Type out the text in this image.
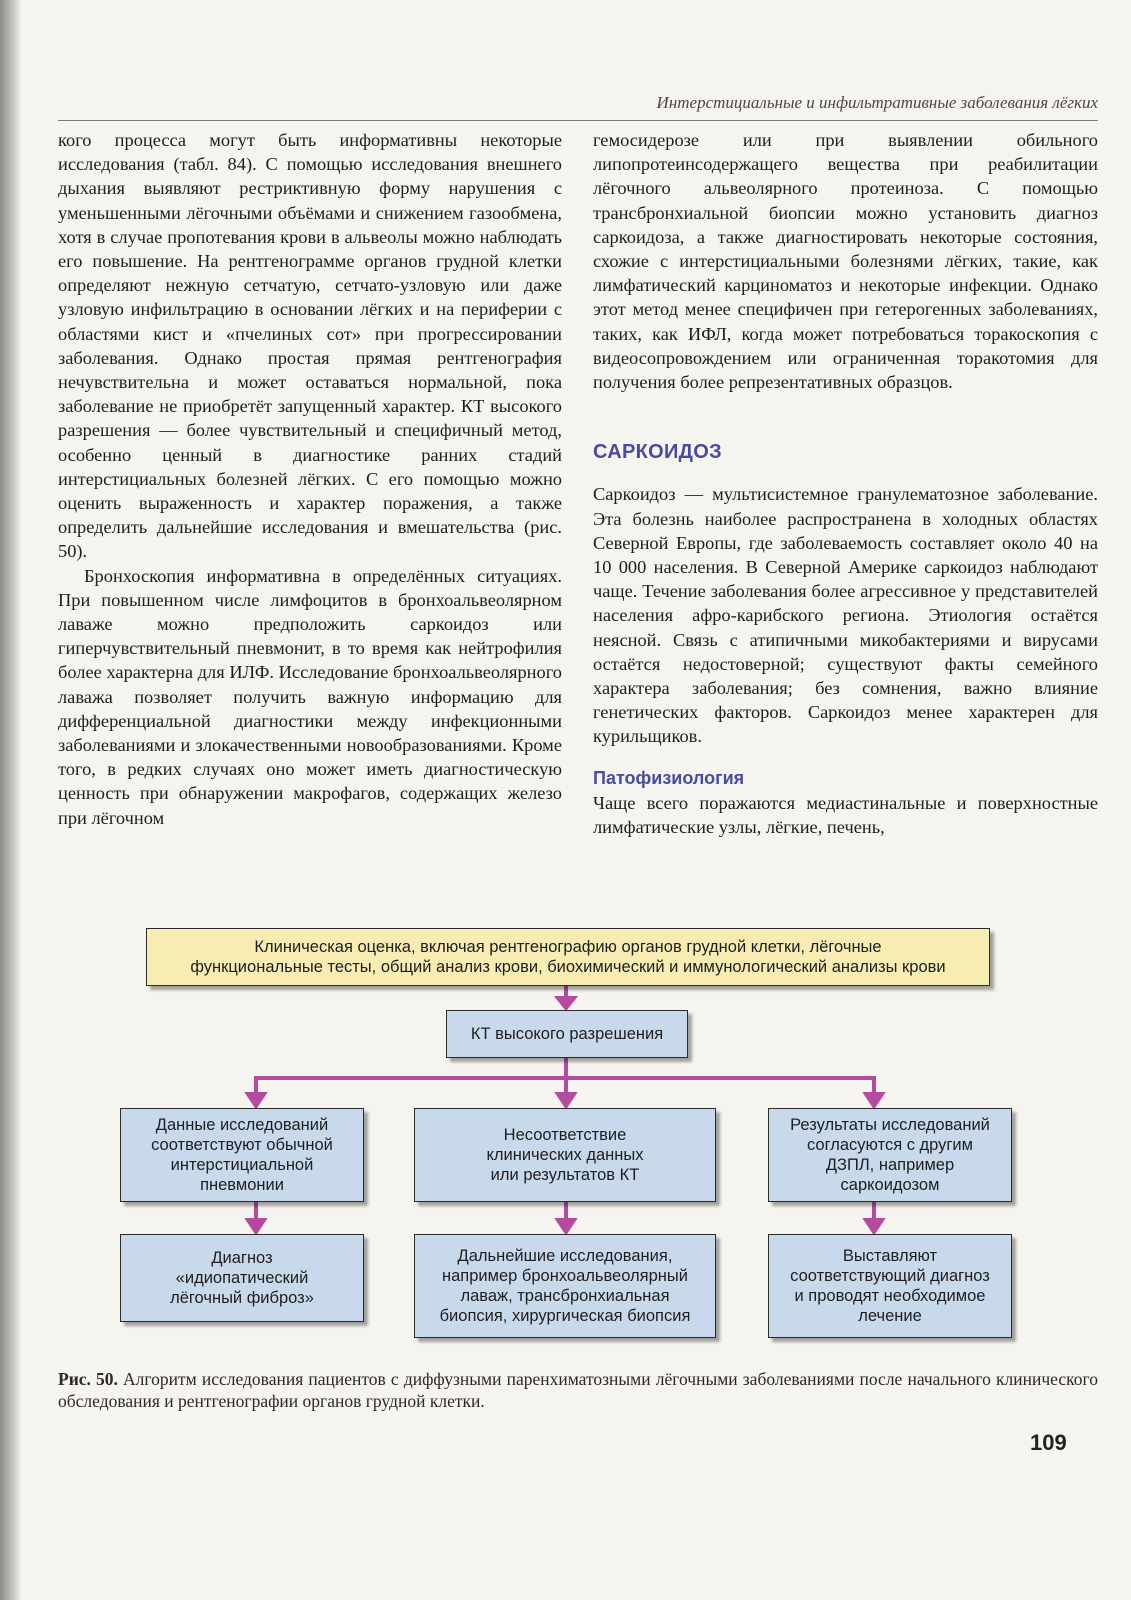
Интерстициальные и инфильтративные заболевания лёгких

кого процесса могут быть информативны некоторые исследования (табл. 84). С помощью исследования внешнего дыхания выявляют рестриктивную форму нарушения с уменьшенными лёгочными объёмами и снижением газообмена, хотя в случае пропотевания крови в альвеолы можно наблюдать его повышение. На рентгенограмме органов грудной клетки определяют нежную сетчатую, сетчато-узловую или даже узловую инфильтрацию в основании лёгких и на периферии с областями кист и «пчелиных сот» при прогрессировании заболевания. Однако простая прямая рентгенография нечувствительна и может оставаться нормальной, пока заболевание не приобретёт запущенный характер. КТ высокого разрешения — более чувствительный и специфичный метод, особенно ценный в диагностике ранних стадий интерстициальных болезней лёгких. С его помощью можно оценить выраженность и характер поражения, а также определить дальнейшие исследования и вмешательства (рис. 50).

Бронхоскопия информативна в определённых ситуациях. При повышенном числе лимфоцитов в бронхоальвеолярном лаваже можно предположить саркоидоз или гиперчувствительный пневмонит, в то время как нейтрофилия более характерна для ИЛФ. Исследование бронхоальвеолярного лаважа позволяет получить важную информацию для дифференциальной диагностики между инфекционными заболеваниями и злокачественными новообразованиями. Кроме того, в редких случаях оно может иметь диагностическую ценность при обнаружении макрофагов, содержащих железо при лёгочном

гемосидерозе или при выявлении обильного липопротеинсодержащего вещества при реабилитации лёгочного альвеолярного протеиноза. С помощью трансбронхиальной биопсии можно установить диагноз саркоидоза, а также диагностировать некоторые состояния, схожие с интерстициальными болезнями лёгких, такие, как лимфатический карциноматоз и некоторые инфекции. Однако этот метод менее специфичен при гетерогенных заболеваниях, таких, как ИФЛ, когда может потребоваться торакоскопия с видеосопровождением или ограниченная торакотомия для получения более репрезентативных образцов.

САРКОИДОЗ

Саркоидоз — мультисистемное гранулематозное заболевание. Эта болезнь наиболее распространена в холодных областях Северной Европы, где заболеваемость составляет около 40 на 10 000 населения. В Северной Америке саркоидоз наблюдают чаще. Течение заболевания более агрессивное у представителей населения афро-карибского региона. Этиология остаётся неясной. Связь с атипичными микобактериями и вирусами остаётся недостоверной; существуют факты семейного характера заболевания; без сомнения, важно влияние генетических факторов. Саркоидоз менее характерен для курильщиков.

Патофизиология

Чаще всего поражаются медиастинальные и поверхностные лимфатические узлы, лёгкие, печень,

Клиническая оценка, включая рентгенографию органов грудной клетки, лёгочные
функциональные тесты, общий анализ крови, биохимический и иммунологический анализы крови
КТ высокого разрешения
Данные исследований
соответствуют обычной
интерстициальной
пневмонии
Несоответствие
клинических данных
или результатов КТ
Результаты исследований
согласуются с другим
ДЗПЛ, например
саркоидозом
Диагноз
«идиопатический
лёгочный фиброз»
Дальнейшие исследования,
например бронхоальвеолярный
лаваж, трансбронхиальная
биопсия, хирургическая биопсия
Выставляют
соответствующий диагноз
и проводят необходимое
лечение
Рис. 50. Алгоритм исследования пациентов с диффузными паренхиматозными лёгочными заболеваниями после начального клинического обследования и рентгенографии органов грудной клетки.
109
